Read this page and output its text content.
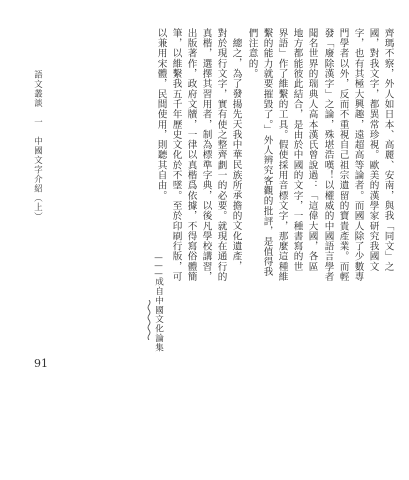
齊瑪不察，外人如日本、高麗、安南，與我「同文」之
國，對我文字，都異常珍視。歐美的漢學家研究我國文
字，也有其極大興趣，遠超高等論者。而國人除了少數專
門學者以外，反而不重視自己祖宗遺留的寶貴產業。而輕
發「廢除漢字」之論，殊堪浩嘆！以權威的中國語言學者
聞名世界的瑞典人高本漢氏曾說過：「這偉大國，各區
地方都能彼此結合，是由於中國的文字，一種書寫的世
界語」作了維繫的工具。假使採用音標文字，那麼這種維
繫的能力就要摧毀了。」外人辨究客觀的批評，是值得我
們注意的。
總之，為了發揚先天我中華民族所承擔的文化遺產，
對於現行文字，實有使之整齊劃一的必要。就現在通行的
真楷，選擇其習用者，制為標準字典，以後凡學校講習，
出版著作，政府文牘，一律以真楷爲依據，不得寫俗體簡
筆，以維繫我五千年歷史文化於不墜。至於印刷行版，可
以兼用宋體，民間使用，則聽其自由。
———成自中國文化論集
語文叢談　一　中國文字介紹（上）
91
